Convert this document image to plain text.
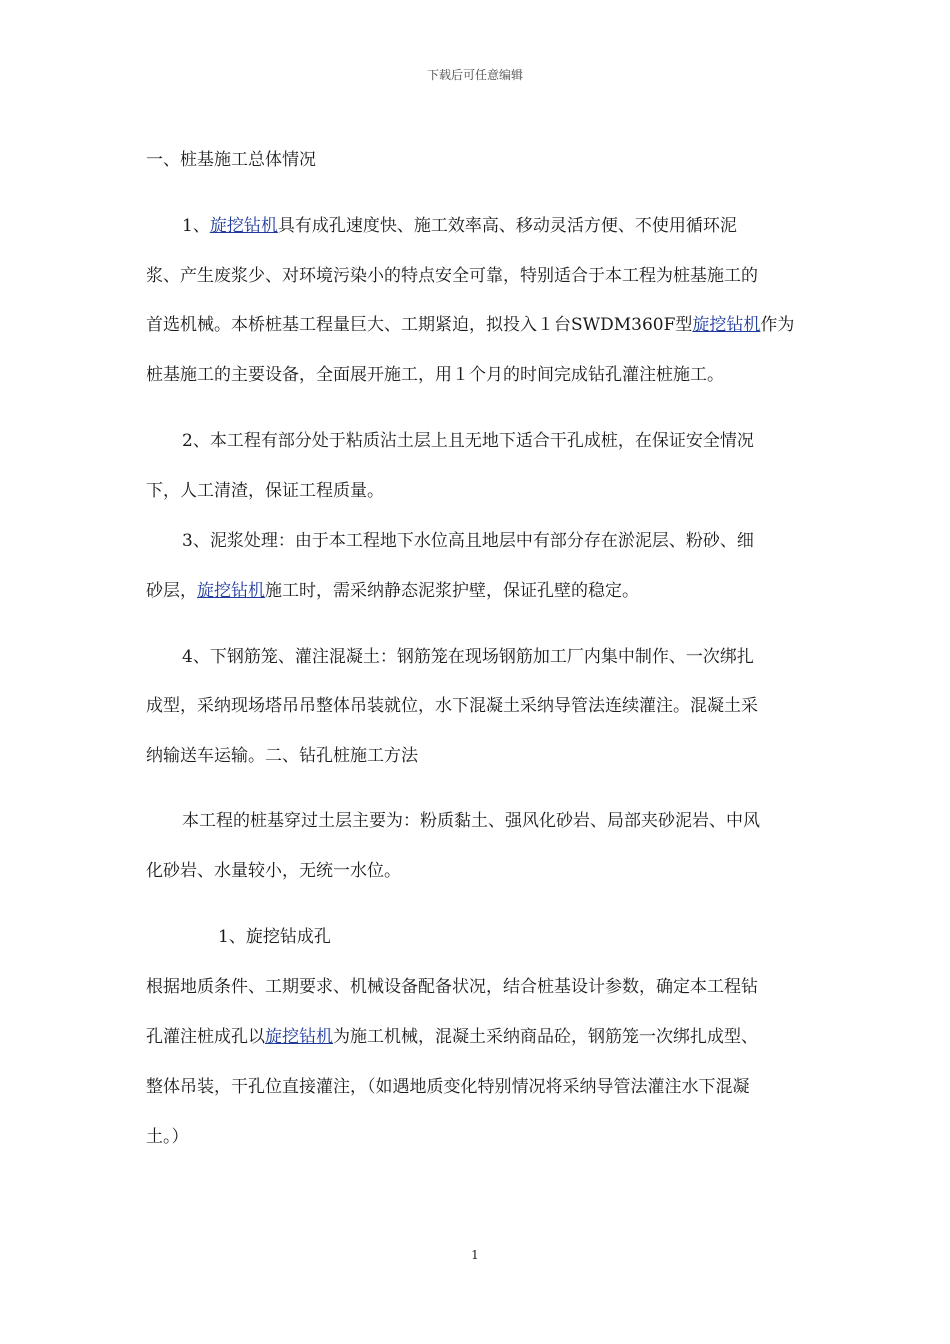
下载后可任意编辑
一、桩基施工总体情况
1、旋挖钻机具有成孔速度快、施工效率高、移动灵活方便、不使用循环泥
浆、产生废浆少、对环境污染小的特点安全可靠，特别适合于本工程为桩基施工的
首选机械。本桥桩基工程量巨大、工期紧迫，拟投入１台SWDM360F型旋挖钻机作为
桩基施工的主要设备，全面展开施工，用１个月的时间完成钻孔灌注桩施工。
2、本工程有部分处于粘质沾土层上且无地下适合干孔成桩，在保证安全情况
下，人工清渣，保证工程质量。
3、泥浆处理：由于本工程地下水位高且地层中有部分存在淤泥层、粉砂、细
砂层，旋挖钻机施工时，需采纳静态泥浆护壁，保证孔壁的稳定。
4、下钢筋笼、灌注混凝土：钢筋笼在现场钢筋加工厂内集中制作、一次绑扎
成型，采纳现场塔吊吊整体吊装就位，水下混凝土采纳导管法连续灌注。混凝土采
纳输送车运输。二、钻孔桩施工方法
本工程的桩基穿过土层主要为：粉质黏土、强风化砂岩、局部夹砂泥岩、中风
化砂岩、水量较小，无统一水位。
1、旋挖钻成孔
根据地质条件、工期要求、机械设备配备状况，结合桩基设计参数，确定本工程钻
孔灌注桩成孔以旋挖钻机为施工机械，混凝土采纳商品砼，钢筋笼一次绑扎成型、
整体吊装，干孔位直接灌注，（如遇地质变化特别情况将采纳导管法灌注水下混凝
土。）
1
